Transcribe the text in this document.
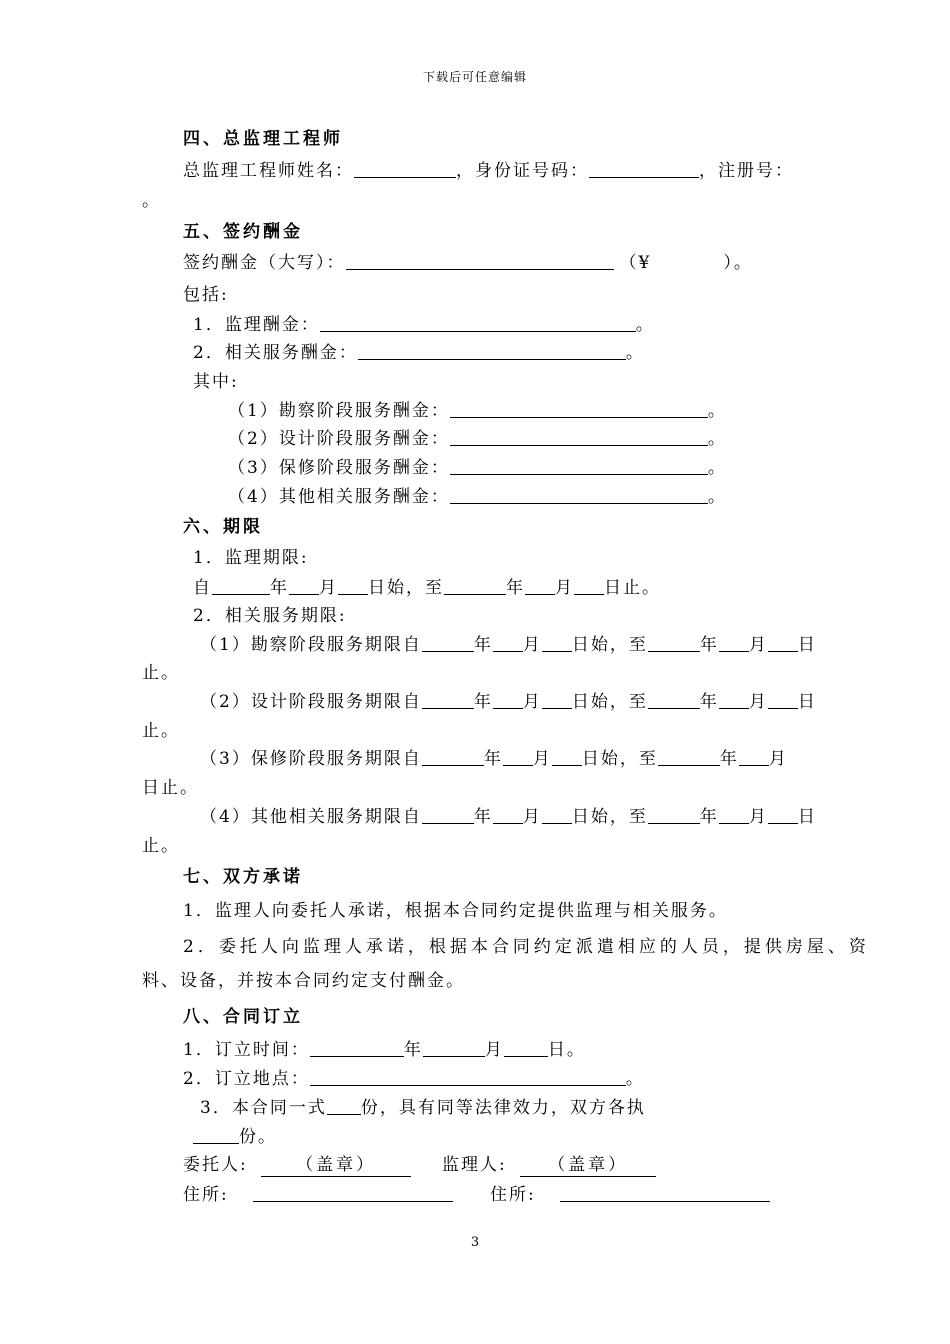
下载后可任意编辑
四、总监理工程师
总监理工程师姓名：	，身份证号码：	，注册号：
。
五、签约酬金
签约酬金（大写）：	（¥	）。
包括:
1．监理酬金：	。
2．相关服务酬金：	。
其中:
（1）勘察阶段服务酬金：	。
（2）设计阶段服务酬金：	。
（3）保修阶段服务酬金：	。
（4）其他相关服务酬金：	。
六、期限
1．监理期限:
自	年 月 日始，至	年 月 日止。
2．相关服务期限:
（1）勘察阶段服务期限自	年 月 日始，至	年 月 日
止。
（2）设计阶段服务期限自	年 月 日始，至	年 月 日
止。
（3）保修阶段服务期限自	年 月 日始，至	年 月
日止。
（4）其他相关服务期限自	年 月 日始，至	年 月 日
止。
七、双方承诺
1．监理人向委托人承诺，根据本合同约定提供监理与相关服务。
2．委托人向监理人承诺，根据本合同约定派遣相应的人员，提供房屋、资
料、设备，并按本合同约定支付酬金。
八、合同订立
1．订立时间：	年	月	日。
2．订立地点：	。
3．本合同一式 份，具有同等法律效力，双方各执
份。
委托人:	（盖章）	监理人: （盖章）
住所:	住所:
3
